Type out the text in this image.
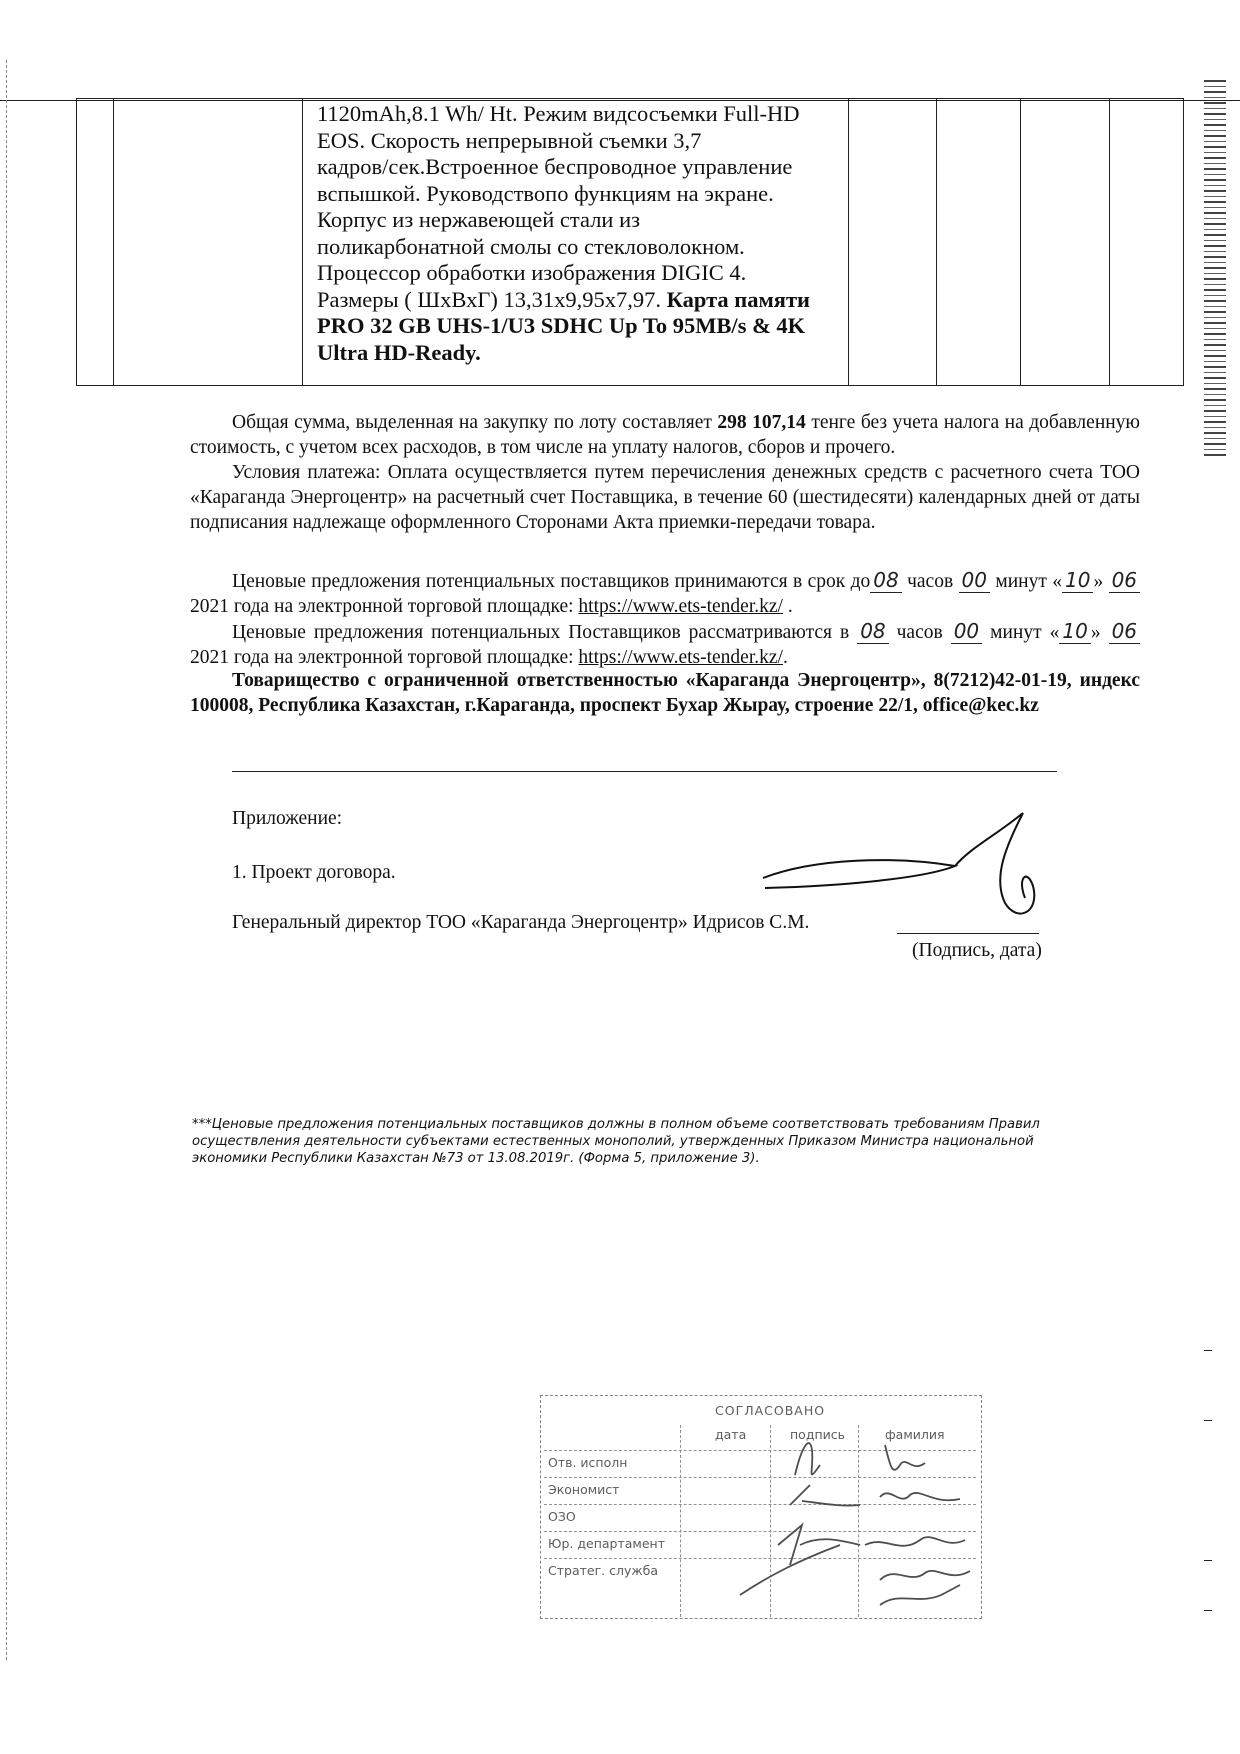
1120mAh,8.1 Wh/ Ht. Режим видсосъемки Full-HD
EOS. Скорость непрерывной съемки 3,7
кадров/сек.Встроенное беспроводное управление
вспышкой. Руководствопо функциям на экране.
Корпус из нержавеющей стали из
поликарбонатной смолы со стекловолокном.
Процессор обработки изображения DIGIC 4.
Размеры ( ШхВхГ) 13,31x9,95x7,97. Карта памяти
PRO 32 GB UHS-1/U3 SDHC Up To 95MB/s & 4K
Ultra HD-Ready.

Общая сумма, выделенная на закупку по лоту составляет 298 107,14 тенге без учета налога на добавленную стоимость, с учетом всех расходов, в том числе на уплату налогов, сборов и прочего.

Условия платежа: Оплата осуществляется путем перечисления денежных средств с расчетного счета ТОО «Караганда Энергоцентр» на расчетный счет Поставщика, в течение 60 (шестидесяти) календарных дней от даты подписания надлежаще оформленного Сторонами Акта приемки-передачи товара.

Ценовые предложения потенциальных поставщиков принимаются в срок до 08 часов 00 минут « 10 » 06 2021 года на электронной торговой площадке: https://www.ets-tender.kz/ .

Ценовые предложения потенциальных Поставщиков рассматриваются в 08 часов 00 минут « 10 » 06 2021 года на электронной торговой площадке: https://www.ets-tender.kz/.

Товарищество с ограниченной ответственностью «Караганда Энергоцентр», 8(7212)42-01-19, индекс 100008, Республика Казахстан, г.Караганда, проспект Бухар Жырау, строение 22/1, office@kec.kz

Приложение:
1. Проект договора.
Генеральный директор ТОО «Караганда Энергоцентр» Идрисов С.М.
(Подпись, дата)
***Ценовые предложения потенциальных поставщиков должны в полном объеме соответствовать требованиям Правил осуществления деятельности субъектами естественных монополий, утвержденных Приказом Министра национальной экономики Республики Казахстан №73 от 13.08.2019г. (Форма 5, приложение 3).
СОГЛАСОВАНО
дата	подпись	фамилия
Отв. исполн
Экономист
ОЗО
Юр. департамент
Стратег. служба
